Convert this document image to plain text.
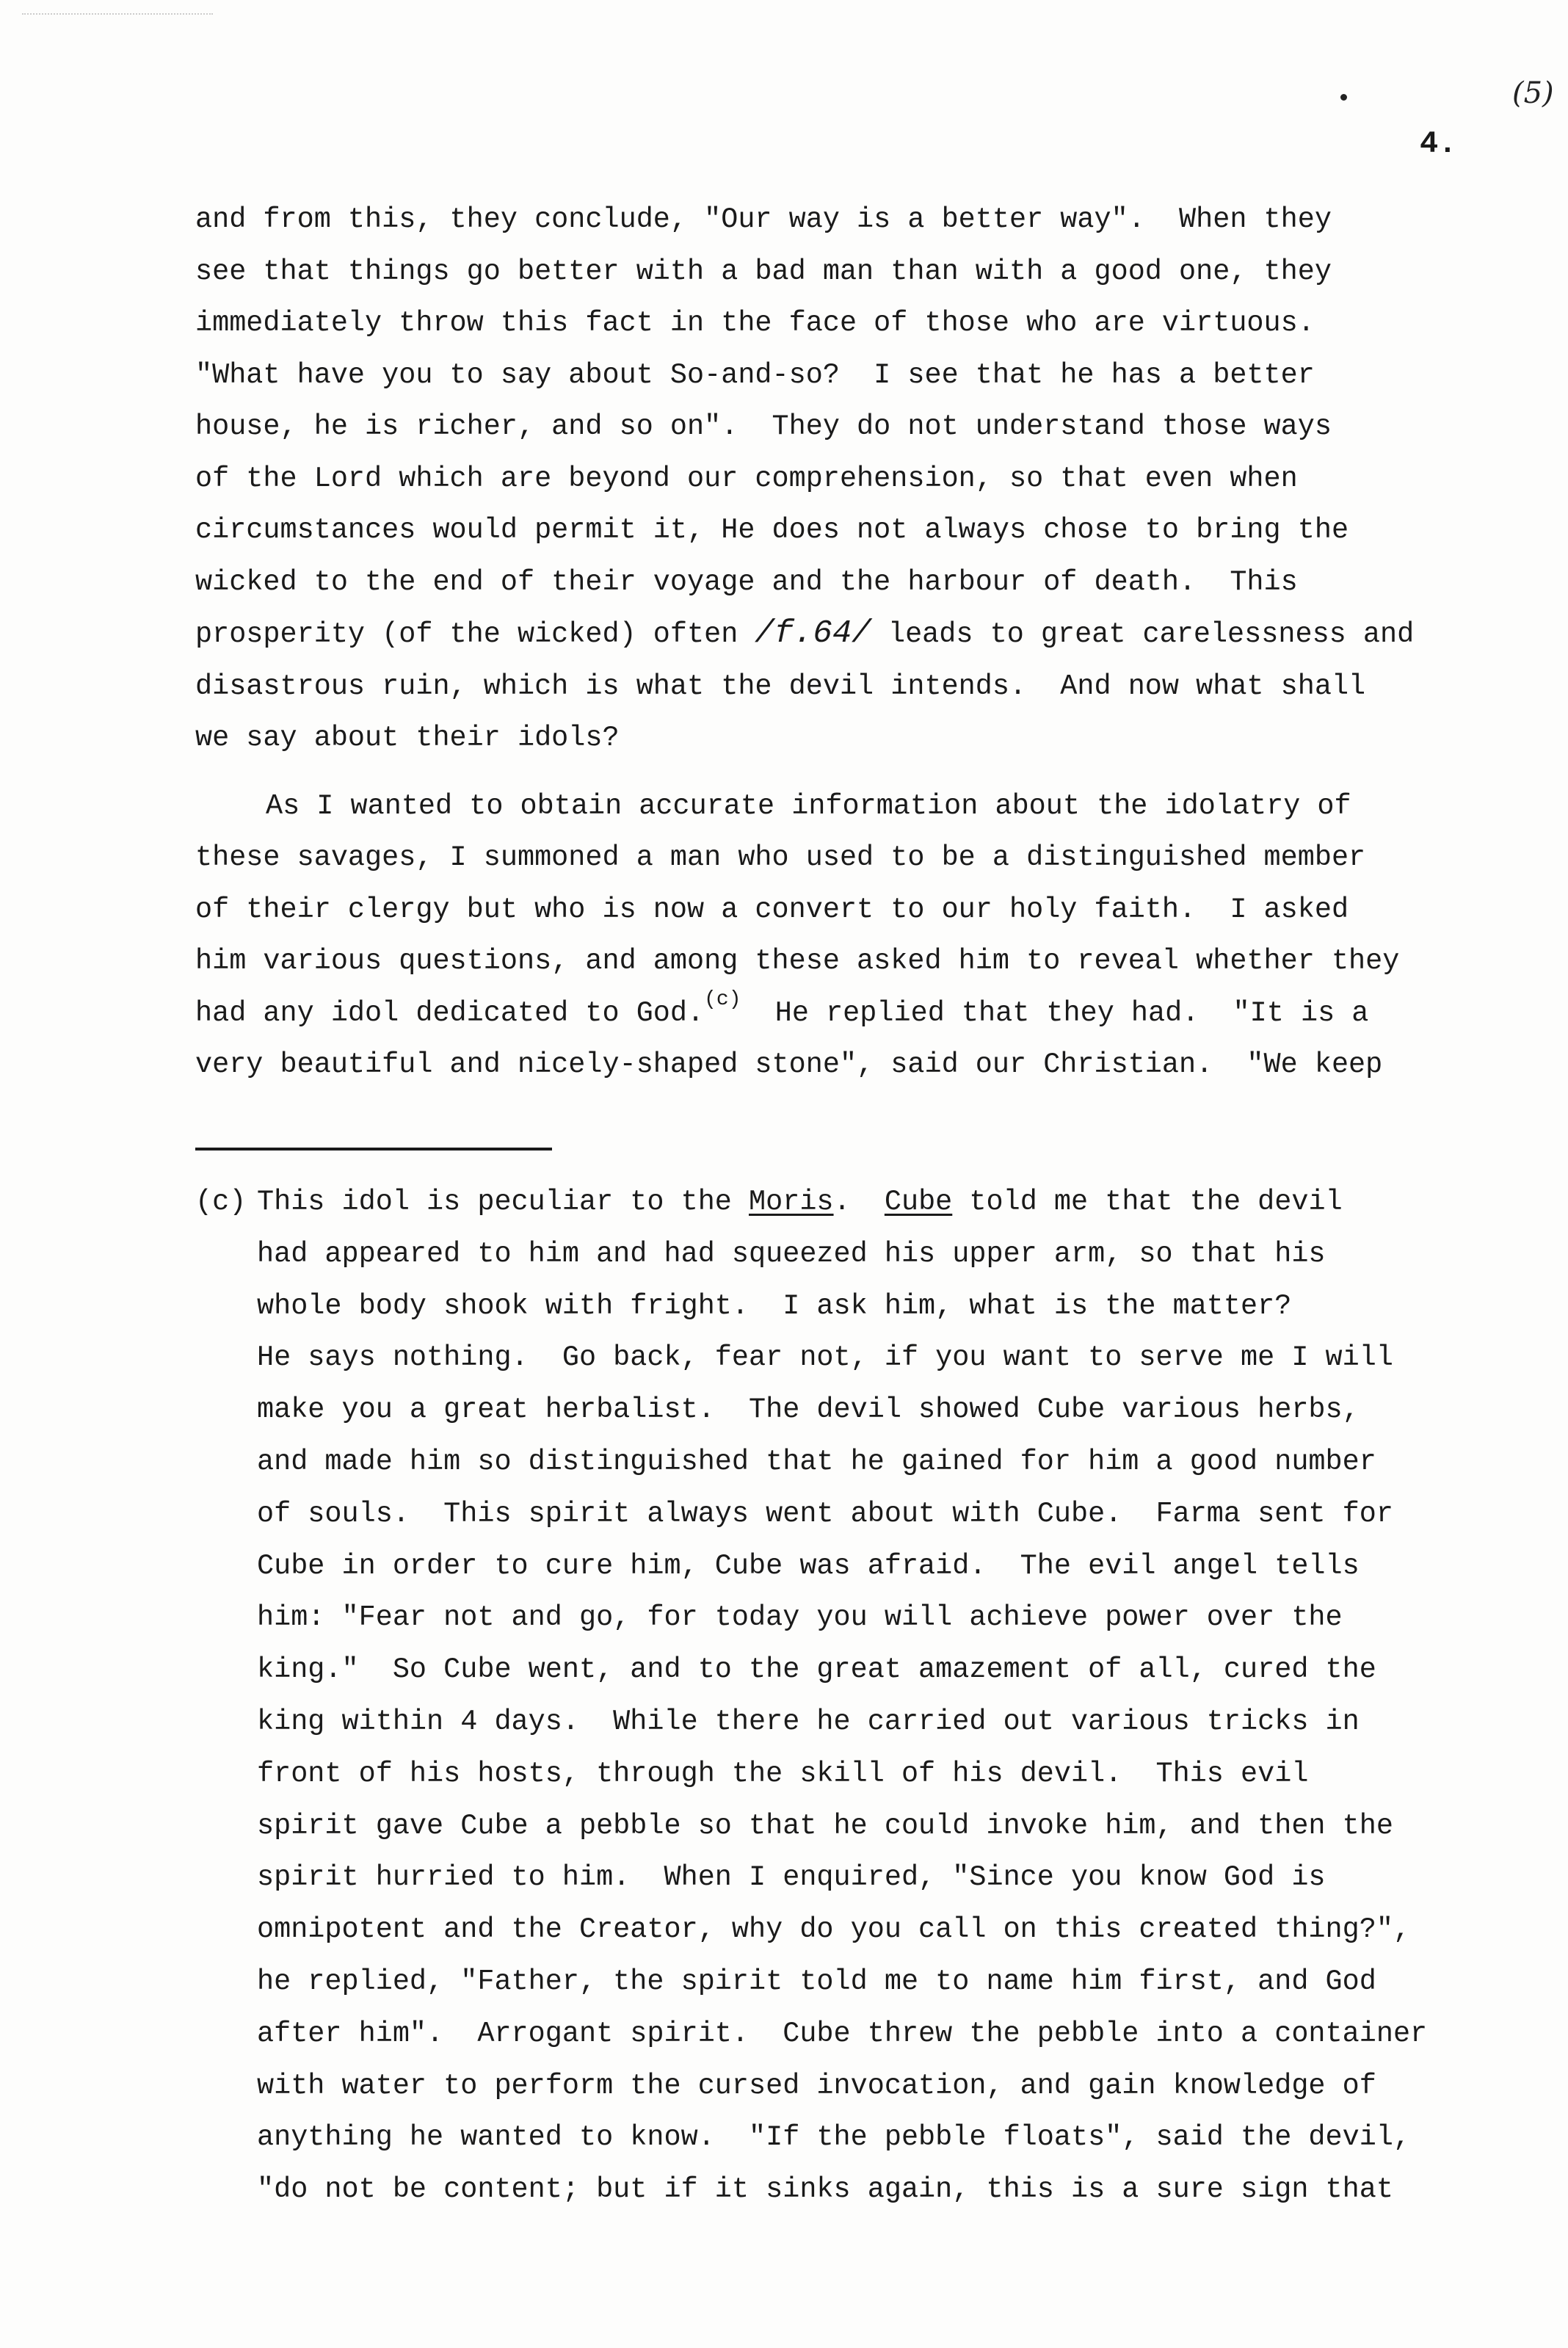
(5)
4.
and from this, they conclude, "Our way is a better way".  When they
see that things go better with a bad man than with a good one, they
immediately throw this fact in the face of those who are virtuous.
"What have you to say about So-and-so?  I see that he has a better
house, he is richer, and so on".  They do not understand those ways
of the Lord which are beyond our comprehension, so that even when
circumstances would permit it, He does not always chose to bring the
wicked to the end of their voyage and the harbour of death.  This
prosperity (of the wicked) often /f.64/ leads to great carelessness and
disastrous ruin, which is what the devil intends.  And now what shall
we say about their idols?
As I wanted to obtain accurate information about the idolatry of
these savages, I summoned a man who used to be a distinguished member
of their clergy but who is now a convert to our holy faith.  I asked
him various questions, and among these asked him to reveal whether they
had any idol dedicated to God.$^{(c)}$  He replied that they had.  "It is a
very beautiful and nicely-shaped stone", said our Christian.  "We keep
(c) This idol is peculiar to the Moris.  Cube told me that the devil
had appeared to him and had squeezed his upper arm, so that his
whole body shook with fright.  I ask him, what is the matter?
He says nothing.  Go back, fear not, if you want to serve me I will
make you a great herbalist.  The devil showed Cube various herbs,
and made him so distinguished that he gained for him a good number
of souls.  This spirit always went about with Cube.  Farma sent for
Cube in order to cure him, Cube was afraid.  The evil angel tells
him: "Fear not and go, for today you will achieve power over the
king."  So Cube went, and to the great amazement of all, cured the
king within 4 days.  While there he carried out various tricks in
front of his hosts, through the skill of his devil.  This evil
spirit gave Cube a pebble so that he could invoke him, and then the
spirit hurried to him.  When I enquired, "Since you know God is
omnipotent and the Creator, why do you call on this created thing?",
he replied, "Father, the spirit told me to name him first, and God
after him".  Arrogant spirit.  Cube threw the pebble into a container
with water to perform the cursed invocation, and gain knowledge of
anything he wanted to know.  "If the pebble floats", said the devil,
"do not be content; but if it sinks again, this is a sure sign that
